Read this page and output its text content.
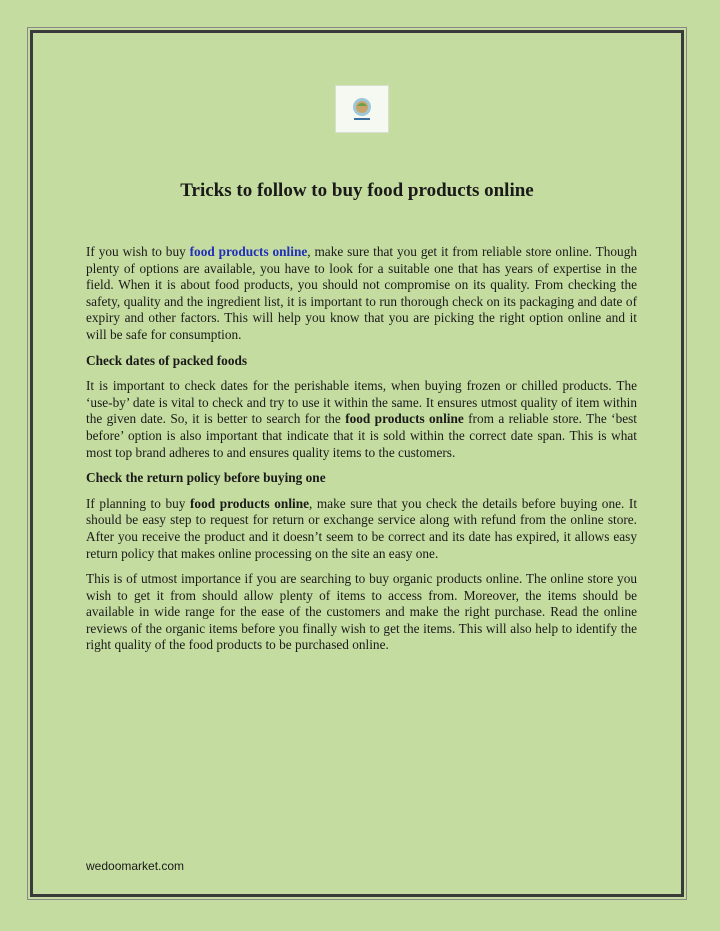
Tricks to follow to buy food products online

If you wish to buy food products online, make sure that you get it from reliable store online. Though plenty of options are available, you have to look for a suitable one that has years of expertise in the field. When it is about food products, you should not compromise on its quality. From checking the safety, quality and the ingredient list, it is important to run thorough check on its packaging and date of expiry and other factors. This will help you know that you are picking the right option online and it will be safe for consumption.

Check dates of packed foods

It is important to check dates for the perishable items, when buying frozen or chilled products. The ‘use-by’ date is vital to check and try to use it within the same. It ensures utmost quality of item within the given date. So, it is better to search for the food products online from a reliable store. The ‘best before’ option is also important that indicate that it is sold within the correct date span. This is what most top brand adheres to and ensures quality items to the customers.

Check the return policy before buying one

If planning to buy food products online, make sure that you check the details before buying one. It should be easy step to request for return or exchange service along with refund from the online store. After you receive the product and it doesn’t seem to be correct and its date has expired, it allows easy return policy that makes online processing on the site an easy one.

This is of utmost importance if you are searching to buy organic products online. The online store you wish to get it from should allow plenty of items to access from. Moreover, the items should be available in wide range for the ease of the customers and make the right purchase. Read the online reviews of the organic items before you finally wish to get the items. This will also help to identify the right quality of the food products to be purchased online.

wedoomarket.com
